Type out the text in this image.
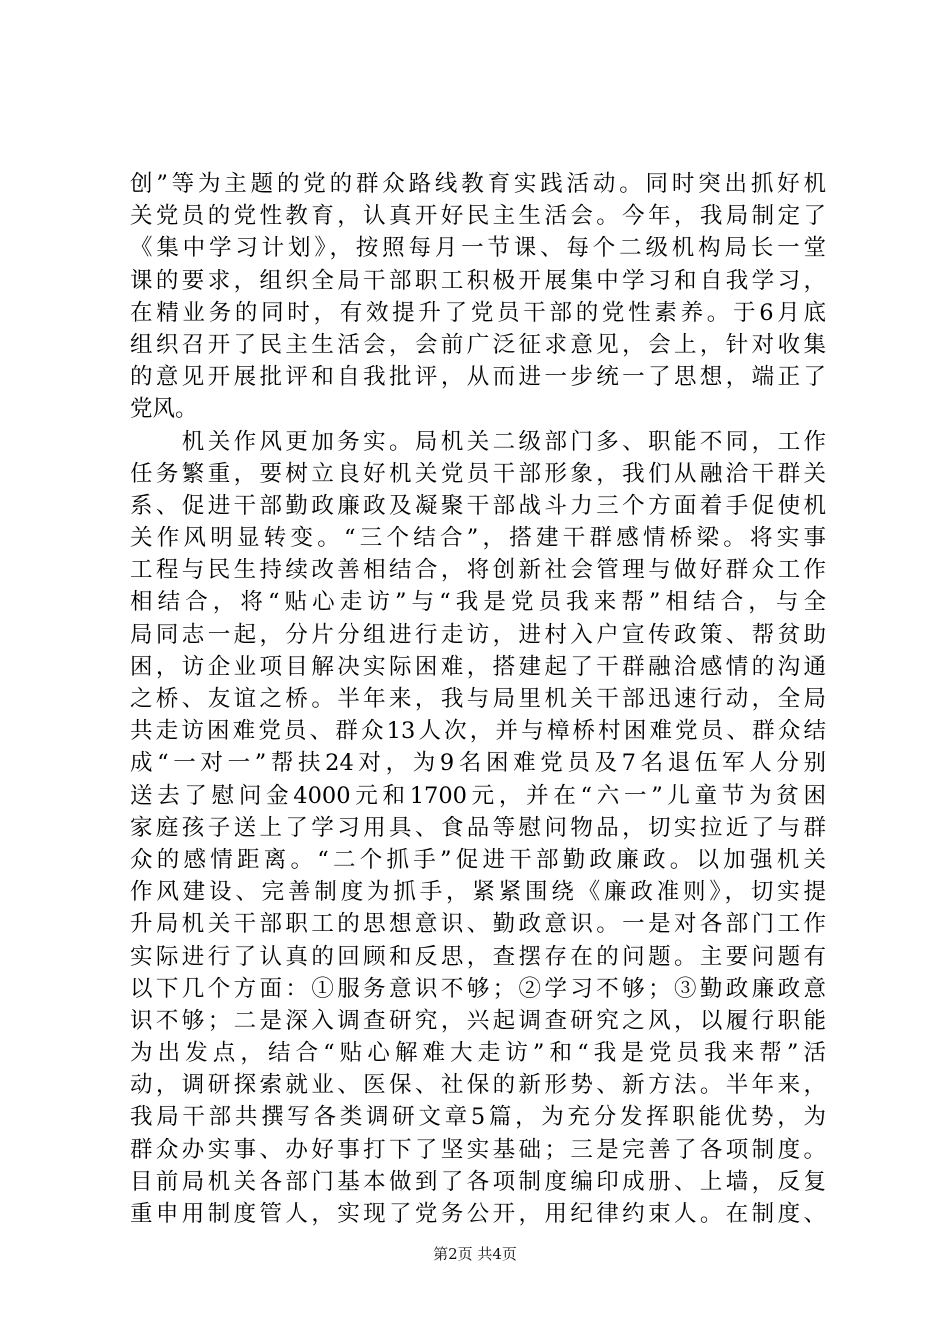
创”等为主题的党的群众路线教育实践活动。同时突出抓好机
关党员的党性教育，认真开好民主生活会。今年，我局制定了
《集中学习计划》，按照每月一节课、每个二级机构局长一堂
课的要求，组织全局干部职工积极开展集中学习和自我学习，
在精业务的同时，有效提升了党员干部的党性素养。于6月底
组织召开了民主生活会，会前广泛征求意见，会上，针对收集
的意见开展批评和自我批评，从而进一步统一了思想，端正了
党风。
　　机关作风更加务实。局机关二级部门多、职能不同，工作
任务繁重，要树立良好机关党员干部形象，我们从融洽干群关
系、促进干部勤政廉政及凝聚干部战斗力三个方面着手促使机
关作风明显转变。“三个结合”，搭建干群感情桥梁。将实事
工程与民生持续改善相结合，将创新社会管理与做好群众工作
相结合，将“贴心走访”与“我是党员我来帮”相结合，与全
局同志一起，分片分组进行走访，进村入户宣传政策、帮贫助
困，访企业项目解决实际困难，搭建起了干群融洽感情的沟通
之桥、友谊之桥。半年来，我与局里机关干部迅速行动，全局
共走访困难党员、群众13人次，并与樟桥村困难党员、群众结
成“一对一”帮扶24对，为9名困难党员及7名退伍军人分别
送去了慰问金4000元和1700元，并在“六一”儿童节为贫困
家庭孩子送上了学习用具、食品等慰问物品，切实拉近了与群
众的感情距离。“二个抓手”促进干部勤政廉政。以加强机关
作风建设、完善制度为抓手，紧紧围绕《廉政准则》，切实提
升局机关干部职工的思想意识、勤政意识。一是对各部门工作
实际进行了认真的回顾和反思，查摆存在的问题。主要问题有
以下几个方面：①服务意识不够；②学习不够；③勤政廉政意
识不够；二是深入调查研究，兴起调查研究之风，以履行职能
为出发点，结合“贴心解难大走访”和“我是党员我来帮”活
动，调研探索就业、医保、社保的新形势、新方法。半年来，
我局干部共撰写各类调研文章5篇，为充分发挥职能优势，为
群众办实事、办好事打下了坚实基础；三是完善了各项制度。
目前局机关各部门基本做到了各项制度编印成册、上墙，反复
重申用制度管人，实现了党务公开，用纪律约束人。在制度、
第2页 共4页
